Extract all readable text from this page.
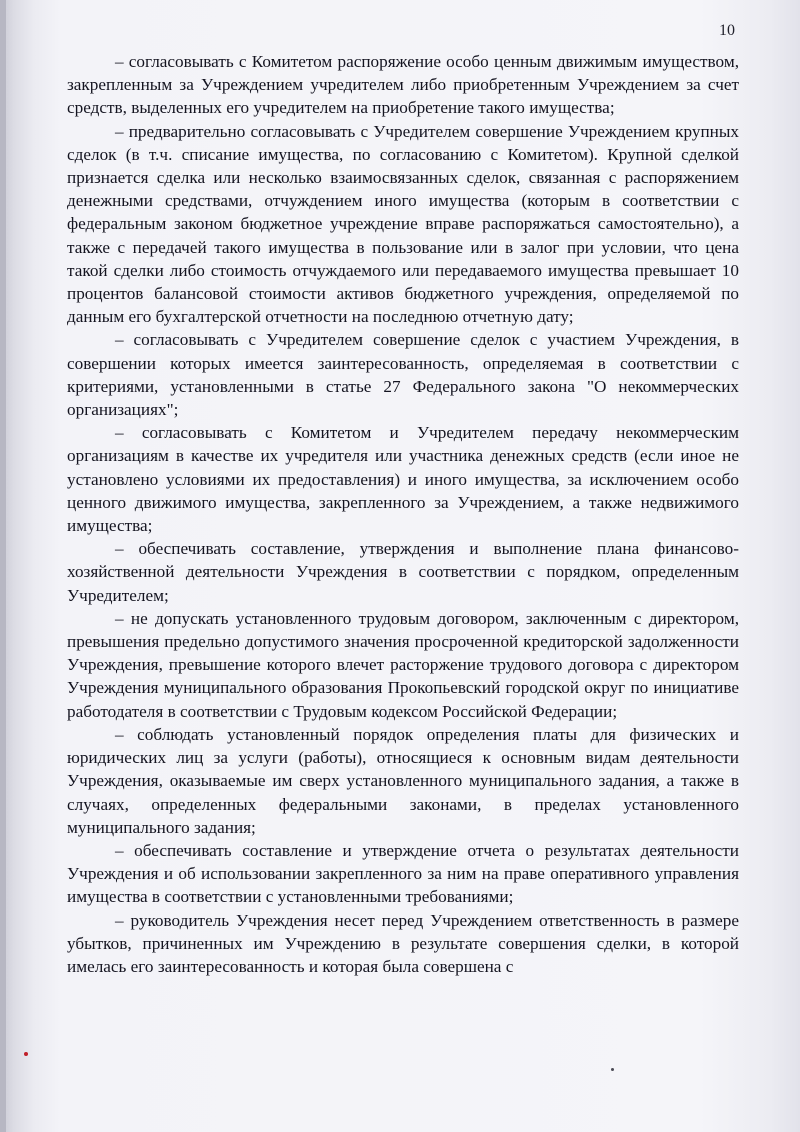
10

– согласовывать с Комитетом распоряжение особо ценным движимым имуществом, закрепленным за Учреждением учредителем либо приобретенным Учреждением за счет средств, выделенных его учредителем на приобретение такого имущества;

– предварительно согласовывать с Учредителем совершение Учреждением крупных сделок (в т.ч. списание имущества, по согласованию с Комитетом). Крупной сделкой признается сделка или несколько взаимосвязанных сделок, связанная с распоряжением денежными средствами, отчуждением иного имущества (которым в соответствии с федеральным законом бюджетное учреждение вправе распоряжаться самостоятельно), а также с передачей такого имущества в пользование или в залог при условии, что цена такой сделки либо стоимость отчуждаемого или передаваемого имущества превышает 10 процентов балансовой стоимости активов бюджетного учреждения, определяемой по данным его бухгалтерской отчетности на последнюю отчетную дату;

– согласовывать с Учредителем совершение сделок с участием Учреждения, в совершении которых имеется заинтересованность, определяемая в соответствии с критериями, установленными в статье 27 Федерального закона "О некоммерческих организациях";

– согласовывать с Комитетом и Учредителем передачу некоммерческим организациям в качестве их учредителя или участника денежных средств (если иное не установлено условиями их предоставления) и иного имущества, за исключением особо ценного движимого имущества, закрепленного за Учреждением, а также недвижимого имущества;

– обеспечивать составление, утверждения и выполнение плана финансово-хозяйственной деятельности Учреждения в соответствии с порядком, определенным Учредителем;

– не допускать установленного трудовым договором, заключенным с директором, превышения предельно допустимого значения просроченной кредиторской задолженности Учреждения, превышение которого влечет расторжение трудового договора с директором Учреждения муниципального образования Прокопьевский городской округ по инициативе работодателя в соответствии с Трудовым кодексом Российской Федерации;

– соблюдать установленный порядок определения платы для физических и юридических лиц за услуги (работы), относящиеся к основным видам деятельности Учреждения, оказываемые им сверх установленного муниципального задания, а также в случаях, определенных федеральными законами, в пределах установленного муниципального задания;

– обеспечивать составление и утверждение отчета о результатах деятельности Учреждения и об использовании закрепленного за ним на праве оперативного управления имущества в соответствии с установленными требованиями;

– руководитель Учреждения несет перед Учреждением ответственность в размере убытков, причиненных им Учреждению в результате совершения сделки, в которой имелась его заинтересованность и которая была совершена с
